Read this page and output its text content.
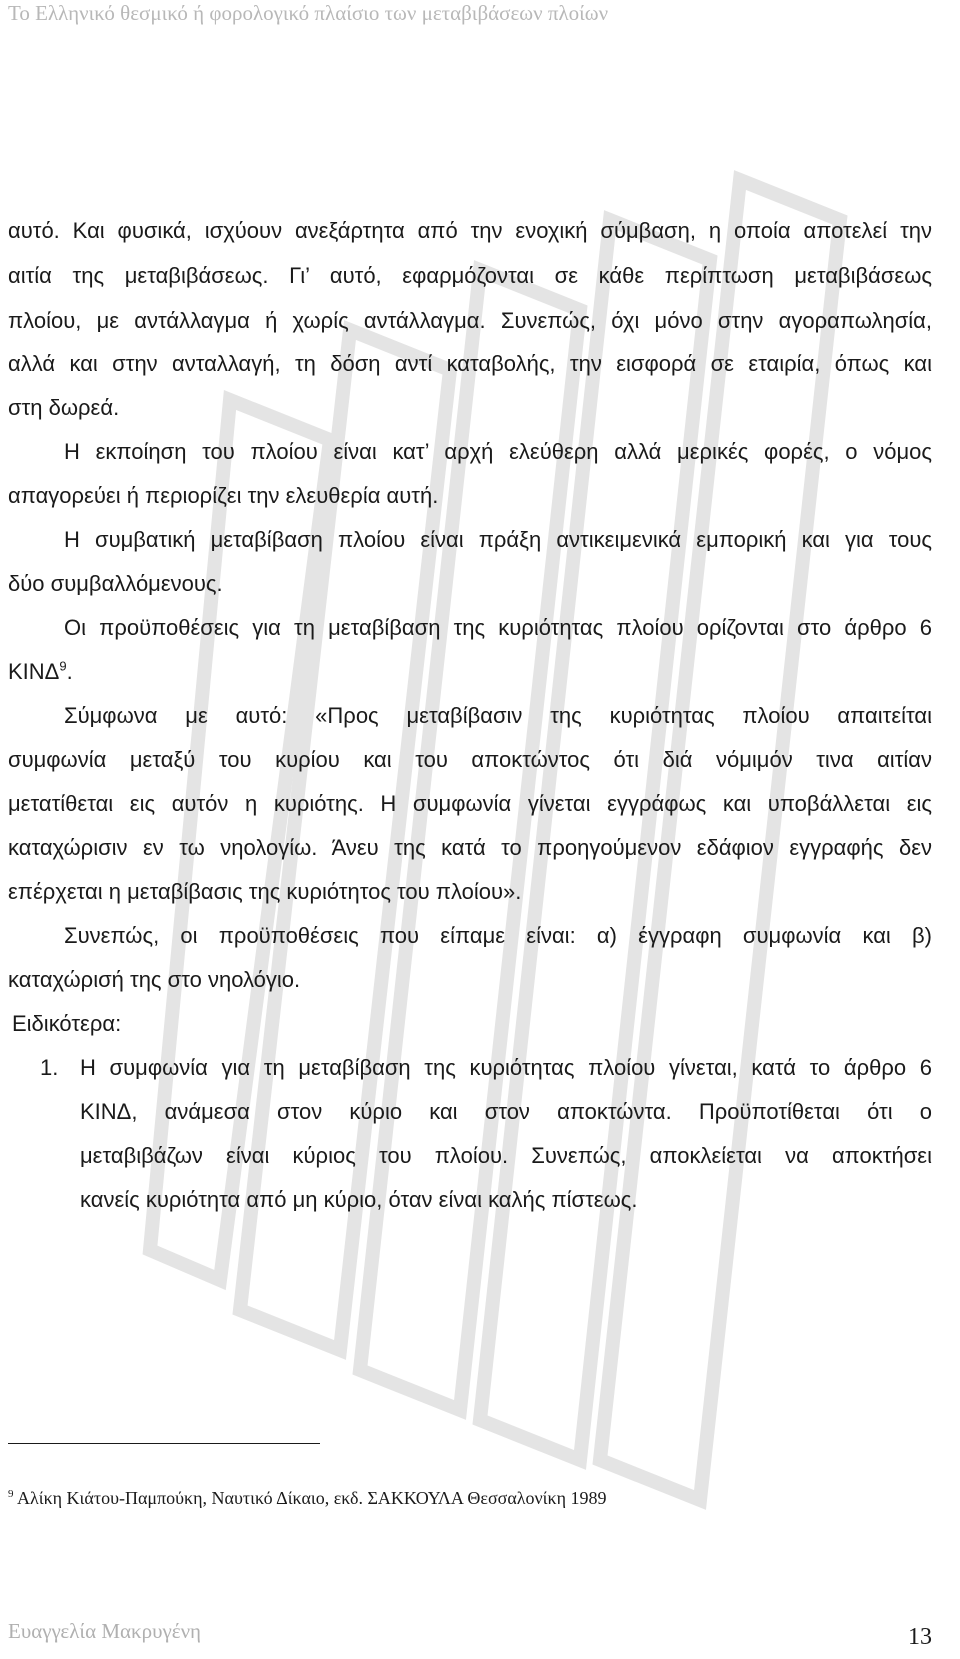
Το Ελληνικό θεσμικό ή φορολογικό πλαίσιο των μεταβιβάσεων πλοίων
αυτό. Και φυσικά, ισχύουν ανεξάρτητα από την ενοχική σύμβαση, η οποία αποτελεί την
αιτία της μεταβιβάσεως. Γι’ αυτό, εφαρμόζονται σε κάθε περίπτωση μεταβιβάσεως
πλοίου, με αντάλλαγμα ή χωρίς αντάλλαγμα. Συνεπώς, όχι μόνο στην αγοραπωλησία,
αλλά και στην ανταλλαγή, τη δόση αντί καταβολής, την εισφορά σε εταιρία, όπως και
στη δωρεά.
Η εκποίηση του πλοίου είναι κατ’ αρχή ελεύθερη αλλά μερικές φορές, ο νόμος
απαγορεύει ή περιορίζει την ελευθερία αυτή.
Η συμβατική μεταβίβαση πλοίου είναι πράξη αντικειμενικά εμπορική και για τους
δύο συμβαλλόμενους.
Οι προϋποθέσεις για τη μεταβίβαση της κυριότητας πλοίου ορίζονται στο άρθρο 6
ΚΙΝΔ$^9$.
Σύμφωνα με αυτό: «Προς μεταβίβασιν της κυριότητας πλοίου απαιτείται
συμφωνία μεταξύ του κυρίου και του αποκτώντος ότι διά νόμιμόν τινα αιτίαν
μετατίθεται εις αυτόν η κυριότης. Η συμφωνία γίνεται εγγράφως και υποβάλλεται εις
καταχώρισιν εν τω νηολογίω. Άνευ της κατά το προηγούμενον εδάφιον εγγραφής δεν
επέρχεται η μεταβίβασις της κυριότητος του πλοίου».
Συνεπώς, οι προϋποθέσεις που είπαμε είναι: α) έγγραφη συμφωνία και β)
καταχώρισή της στο νηολόγιο.
Ειδικότερα:
1. Η συμφωνία για τη μεταβίβαση της κυριότητας πλοίου γίνεται, κατά το άρθρο 6
ΚΙΝΔ, ανάμεσα στον κύριο και στον αποκτώντα. Προϋποτίθεται ότι ο
μεταβιβάζων είναι κύριος του πλοίου. Συνεπώς, αποκλείεται να αποκτήσει
κανείς κυριότητα από μη κύριο, όταν είναι καλής πίστεως.
$^9$ Αλίκη Κιάτου-Παμπούκη, Ναυτικό Δίκαιο, εκδ. ΣΑΚΚΟΥΛΑ Θεσσαλονίκη 1989
Ευαγγελία Μακρυγένη	13
